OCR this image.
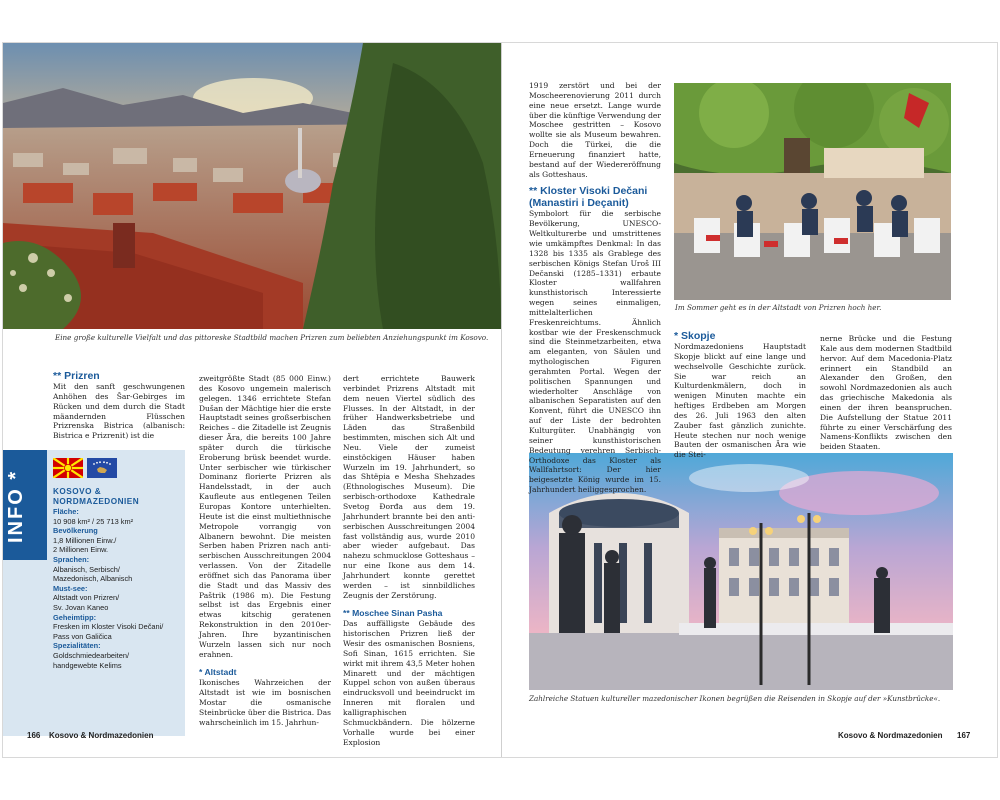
Eine große kulturelle Vielfalt und das pittoreske Stadtbild machen Prizren zum beliebten Anziehungspunkt im Kosovo.
Im Sommer geht es in der Altstadt von Prizren hoch her.
Zahlreiche Statuen kultureller mazedonischer Ikonen begrüßen die Reisenden in Skopje auf der »Kunstbrücke«.
INFO *	KOSOVO &
NORDMAZEDONIEN
Fläche:
10 908 km² / 25 713 km²
Bevölkerung
1,8 Millionen Einw./
2 Millionen Einw.
Sprachen:
Albanisch, Serbisch/
Mazedonisch, Albanisch
Must-see:
Altstadt von Prizren/
Sv. Jovan Kaneo
Geheimtipp:
Fresken im Kloster Visoki Dečani/
Pass von Galičica
Spezialitäten:
Goldschmiedearbeiten/
handgewebte Kelims
** Prizren

Mit den sanft geschwungenen Anhöhen des Šar-Gebirges im Rücken und dem durch die Stadt mäandernden Flüsschen Prizrenska Bistrica (albanisch: Bistrica e Prizrenit) ist die

zweitgrößte Stadt (85 000 Einw.) des Kosovo ungemein malerisch gelegen. 1346 errichtete Stefan Dušan der Mächtige hier die erste Hauptstadt seines großserbischen Reiches – die Zitadelle ist Zeugnis dieser Ära, die bereits 100 Jahre später durch die türkische Eroberung brüsk beendet wurde. Unter serbischer wie türkischer Dominanz florierte Prizren als Handelsstadt, in der auch Kaufleute aus entlegenen Teilen Europas Kontore unterhielten. Heute ist die einst multiethnische Metropole vorrangig von Albanern bewohnt. Die meisten Serben haben Prizren nach anti-serbischen Ausschreitungen 2004 verlassen. Von der Zitadelle eröffnet sich das Panorama über die Stadt und das Massiv des Paštrik (1986 m). Die Festung selbst ist das Ergebnis einer etwas kitschig geratenen Rekonstruktion in den 2010er-Jahren. Ihre byzantinischen Wurzeln lassen sich nur noch erahnen.

* Altstadt

Ikonisches Wahrzeichen der Altstadt ist wie im bosnischen Mostar die osmanische Steinbrücke über die Bistrica. Das wahrscheinlich im 15. Jahrhun-

dert errichtete Bauwerk verbindet Prizrens Altstadt mit dem neuen Viertel südlich des Flusses. In der Altstadt, in der früher Handwerksbetriebe und Läden das Straßenbild bestimmten, mischen sich Alt und Neu. Viele der zumeist einstöckigen Häuser haben Wurzeln im 19. Jahrhundert, so das Shtëpia e Mesha Shehzades (Ethnologisches Museum). Die serbisch-orthodoxe Kathedrale Svetog Đorđa aus dem 19. Jahrhundert brannte bei den anti-serbischen Ausschreitungen 2004 fast vollständig aus, wurde 2010 aber wieder aufgebaut. Das nahezu schmucklose Gotteshaus – nur eine Ikone aus dem 14. Jahrhundert konnte gerettet werden – ist sinnbildliches Zeugnis der Zerstörung.

** Moschee Sinan Pasha

Das auffälligste Gebäude des historischen Prizren ließ der Wesir des osmanischen Bosniens, Sofi Sinan, 1615 errichten. Sie wirkt mit ihrem 43,5 Meter hohen Minarett und der mächtigen Kuppel schon von außen überaus eindrucksvoll und beeindruckt im Inneren mit floralen und kalligraphischen Schmuckbändern. Die hölzerne Vorhalle wurde bei einer Explosion

1919 zerstört und bei der Moscheerenovierung 2011 durch eine neue ersetzt. Lange wurde über die künftige Verwendung der Moschee gestritten – Kosovo wollte sie als Museum bewahren. Doch die Türkei, die die Erneuerung finanziert hatte, bestand auf der Wiedereröffnung als Gotteshaus.

** Kloster Visoki Dečani
(Manastiri i Deçanit)

Symbolort für die serbische Bevölkerung, UNESCO-Weltkulturerbe und umstrittenes wie umkämpftes Denkmal: In das 1328 bis 1335 als Grablege des serbischen Königs Stefan Uroš III Dečanski (1285–1331) erbaute Kloster wallfahren kunsthistorisch Interessierte wegen seines einmaligen, mittelalterlichen Freskenreichtums. Ähnlich kostbar wie der Freskenschmuck sind die Steinmetzarbeiten, etwa am eleganten, von Säulen und mythologischen Figuren gerahmten Portal. Wegen der politischen Spannungen und wiederholter Anschläge von albanischen Separatisten auf den Konvent, führt die UNESCO ihn auf der Liste der bedrohten Kulturgüter. Unabhängig von seiner kunsthistorischen Bedeutung verehren Serbisch-Orthodoxe das Kloster als Wallfahrtsort: Der hier beigesetzte König wurde im 15. Jahrhundert heiliggesprochen.

* Skopje

Nordmazedoniens Hauptstadt Skopje blickt auf eine lange und wechselvolle Geschichte zurück. Sie war reich an Kulturdenkmälern, doch in wenigen Minuten machte ein heftiges Erdbeben am Morgen des 26. Juli 1963 den alten Zauber fast gänzlich zunichte. Heute stechen nur noch wenige Bauten der osmanischen Ära wie die Stei-

nerne Brücke und die Festung Kale aus dem modernen Stadtbild hervor. Auf dem Macedonia-Platz erinnert ein Standbild an Alexander den Großen, den sowohl Nordmazedonien als auch das griechische Makedonia als einen der ihren beanspruchen. Die Aufstellung der Statue 2011 führte zu einer Verschärfung des Namens-Konflikts zwischen den beiden Staaten.

166 Kosovo & Nordmazedonien	Kosovo & Nordmazedonien 167
